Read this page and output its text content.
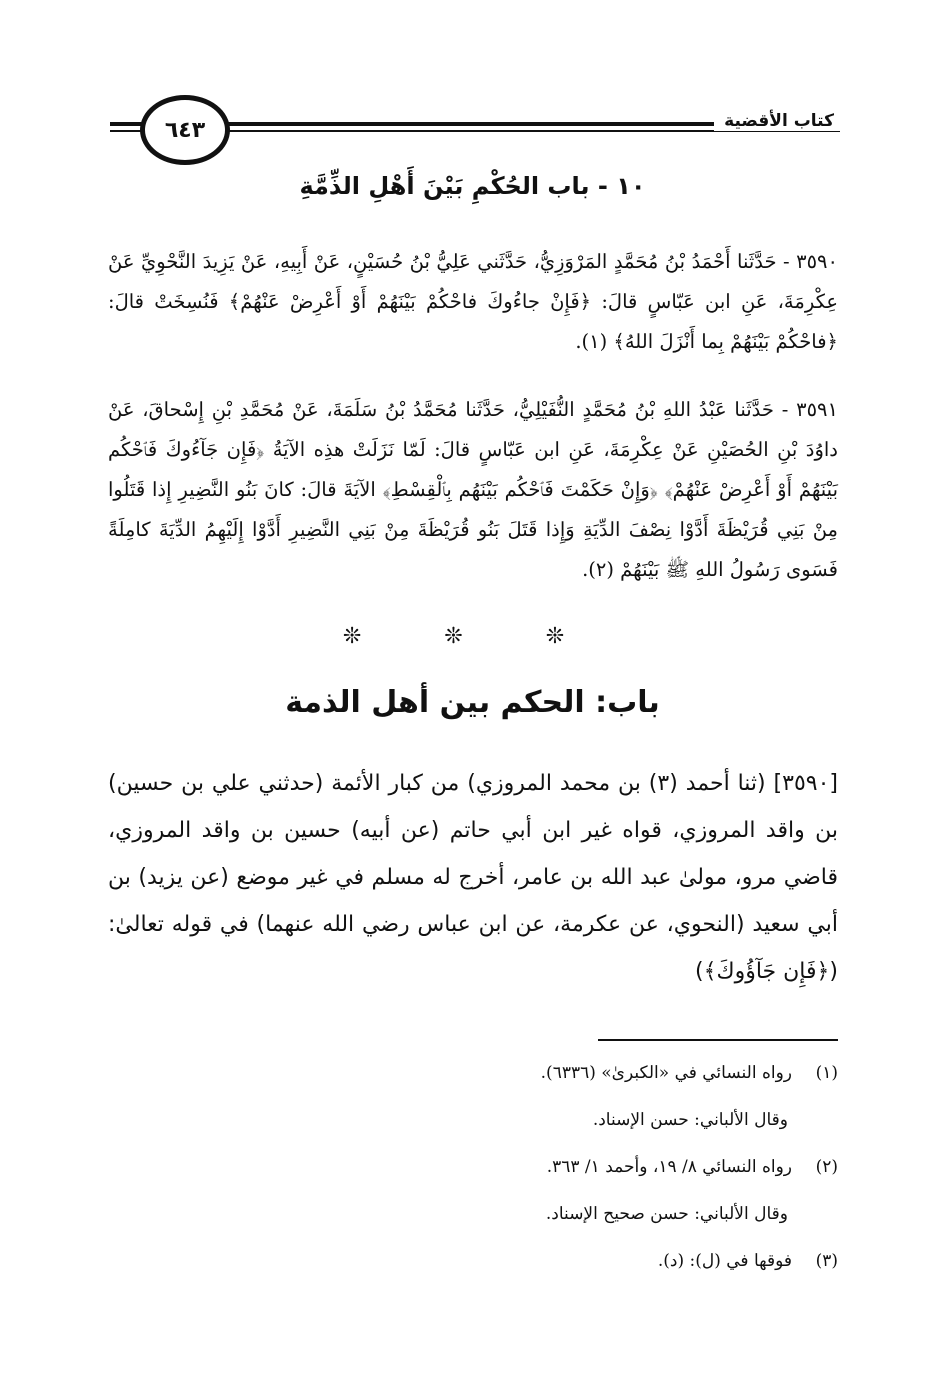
كتاب الأقضية
٦٤٣
١٠ - باب الحُكْمِ بَيْنَ أَهْلِ الذِّمَّةِ
٣٥٩٠ - حَدَّثَنا أَحْمَدُ بْنُ مُحَمَّدٍ المَرْوَزِيُّ، حَدَّثَني عَلِيُّ بْنُ حُسَيْنٍ، عَنْ أَبِيهِ، عَنْ يَزِيدَ النَّحْوِيِّ عَنْ عِكْرِمَةَ، عَنِ ابن عَبّاسٍ قالَ: ﴿فَإِنْ جاءُوكَ فاحْكُمْ بَيْنَهُمْ أَوْ أَعْرِضْ عَنْهُمْ﴾ فَنُسِخَتْ قالَ: ﴿فاحْكُمْ بَيْنَهُمْ بِما أَنْزَلَ اللهُ﴾ (١).
٣٥٩١ - حَدَّثَنا عَبْدُ اللهِ بْنُ مُحَمَّدٍ النُّفَيْلِيُّ، حَدَّثَنا مُحَمَّدُ بْنُ سَلَمَةَ، عَنْ مُحَمَّدِ بْنِ إِسْحاقَ، عَنْ داوُدَ بْنِ الحُصَيْنِ عَنْ عِكْرِمَةَ، عَنِ ابن عَبّاسٍ قالَ: لَمّا نَزَلَتْ هذِه الآيَةُ ﴿فَإِن جَآءُوكَ فَٱحْكُم بَيْنَهُمْ أَوْ أَعْرِضْ عَنْهُمْ﴾ ﴿وَإِنْ حَكَمْتَ فَٱحْكُم بَيْنَهُم بِٱلْقِسْطِ﴾ الآيَةَ قالَ: كانَ بَنُو النَّضِيرِ إِذا قَتَلُوا مِنْ بَنِي قُرَيْظَةَ أَدَّوْا نِصْفَ الدِّيَةِ وَإِذا قَتَلَ بَنُو قُرَيْظَةَ مِنْ بَنِي النَّضِيرِ أَدَّوْا إِلَيْهِمُ الدِّيَةَ كامِلَةً فَسَوى رَسُولُ اللهِ ﷺ بَيْنَهُمْ (٢).
❊ ❊ ❊
باب: الحكم بين أهل الذمة
[٣٥٩٠] (ثنا أحمد (٣) بن محمد المروزي) من كبار الأئمة (حدثني علي بن حسين) بن واقد المروزي، قواه غير ابن أبي حاتم (عن أبيه) حسين بن واقد المروزي، قاضي مرو، مولىٰ عبد الله بن عامر، أخرج له مسلم في غير موضع (عن يزيد) بن أبي سعيد (النحوي، عن عكرمة، عن ابن عباس رضي الله عنهما) في قوله تعالىٰ: (﴿فَإِن جَآؤُوكَ﴾)
(١)رواه النسائي في «الكبرىٰ» (٦٣٣٦).
وقال الألباني: حسن الإسناد.
(٢)رواه النسائي ٨/ ١٩، وأحمد ١/ ٣٦٣.
وقال الألباني: حسن صحيح الإسناد.
(٣)فوقها في (ل): (د).
